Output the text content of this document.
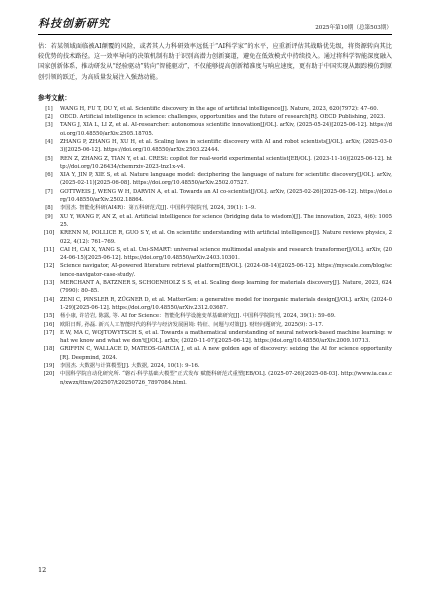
科技创新研究	2025年第10期（总第503期）

估：若某领域面临被AI颠覆的风险，或者其人力科研效率远低于“AI科学家”的水平，应重新评估其战略优先级，将资源转向其比较优势的技术路径。这一效率导向的决策机制有助于识别高潜力创新赛道，避免在低效模式中持续投入。通过将科学智能深度融入国家创新体系，推动研发从“经验驱动”转向“智能驱动”，不仅能够提高创新精准度与响应速度，更有助于中国实现从跟踪模仿到原创引领的跃迁，为高质量发展注入强劲动能。

参考文献：
[1]	WANG H, FU T, DU Y, et al. Scientific discovery in the age of artificial intelligence[J]. Nature, 2023, 620(7972): 47–60.
[2]	OECD. Artificial intelligence in science: challenges, opportunities and the future of research[R]. OECD Publishing, 2023.
[3]	TANG J, XIA L, LI Z, et al. AI-researcher: autonomous scientific innovation[J/OL]. arXiv, (2025-05-24)[2025-06-12]. https://doi.org/10.48550/arXiv.2505.18705.
[4]	ZHANG P, ZHANG H, XU H, et al. Scaling laws in scientific discovery with AI and robot scientists[J/OL]. arXiv, (2025-03-03)[2025-06-12]. https://doi.org/10.48550/arXiv.2503.22444.
[5]	REN Z, ZHANG Z, TIAN Y, et al. CRESt: copilot for real-world experimental scientist[EB/OL]. (2023-11-16)[2025-06-12]. http://doi.org/10.26434/chemrxiv-2023-tnz1x-v4.
[6]	XIA Y, JIN P, XIE S, et al. Nature language model: deciphering the language of nature for scientific discovery[J/OL]. arXiv, (2025-02-11)[2025-06-08]. https://doi.org/10.48550/arXiv.2502.07527.
[7]	GOTTWEIS J, WENG W H, DARVIN A, et al. Towards an AI co-scientist[J/OL]. arXiv, (2025-02-26)[2025-06-12]. https://doi.org/10.48550/arXiv.2502.18864.
[8]	李国杰. 智能化科研(AI4R)：第五科研范式[J]. 中国科学院院刊, 2024, 39(1): 1–9.
[9]	XU Y, WANG F, AN Z, et al. Artificial intelligence for science (bridging data to wisdom)[J]. The innovation, 2023, 4(6): 100525.
[10]	KRENN M, POLLICE R, GUO S Y, et al. On scientific understanding with artificial intelligence[J]. Nature reviews physics, 2022, 4(12): 761–769.
[11]	CAI H, CAI X, YANG S, et al. Uni-SMART: universal science multimodal analysis and research transformer[J/OL]. arXiv, (2024-06-15)[2025-06-12]. https://doi.org/10.48550/arXiv.2403.10301.
[12]	Science navigator, AI-powered literature retrieval platform[EB/OL]. (2024-08-14)[2025-06-12]. https://myscale.com/blog/science-navigator-case-study/.
[13]	MERCHANT A, BATZNER S, SCHOENHOLZ S S, et al. Scaling deep learning for materials discovery[J]. Nature, 2023, 624(7990): 80–85.
[14]	ZENI C, PINSLER R, ZÜGNER D, et al. MatterGen: a generative model for inorganic materials design[J/OL]. arXiv, (2024-01-29)[2025-06-12]. https://doi.org/10.48550/arXiv.2312.03687.
[15]	杨小康, 许岩岩, 陈露, 等. AI for Science：智能化科学设施变革基础研究[J]. 中国科学院院刊, 2024, 39(1): 59–69.
[16]	欧阳日辉, 孙磊. 新兴人工智能时代的科学与经济发展困境: 特征、问题与对策[J]. 财经问题研究, 2025(9): 3–17.
[17]	E W, MA C, WOJTOWYTSCH S, et al. Towards a mathematical understanding of neural network-based machine learning: what we know and what we don't[J/OL]. arXiv, (2020-11-07)[2025-06-12]. https://doi.org/10.48550/arXiv.2009.10713.
[18]	GRIFFIN C, WALLACE D, MATEOS-GARCIA J, et al. A new golden age of discovery: seizing the AI for science opportunity[R]. Deepmind, 2024.
[19]	李国杰. 大数据与计算模型[J]. 大数据, 2024, 10(1): 9–16.
[20]	中国科学院自动化研究所. “磐石·科学基础大模型”正式发布 赋能科研范式重塑[EB/OL]. (2025-07-26)[2025-08-03]. http://www.ia.cas.cn/xwzx/ttxw/202507/t20250726_7897084.html.
12
